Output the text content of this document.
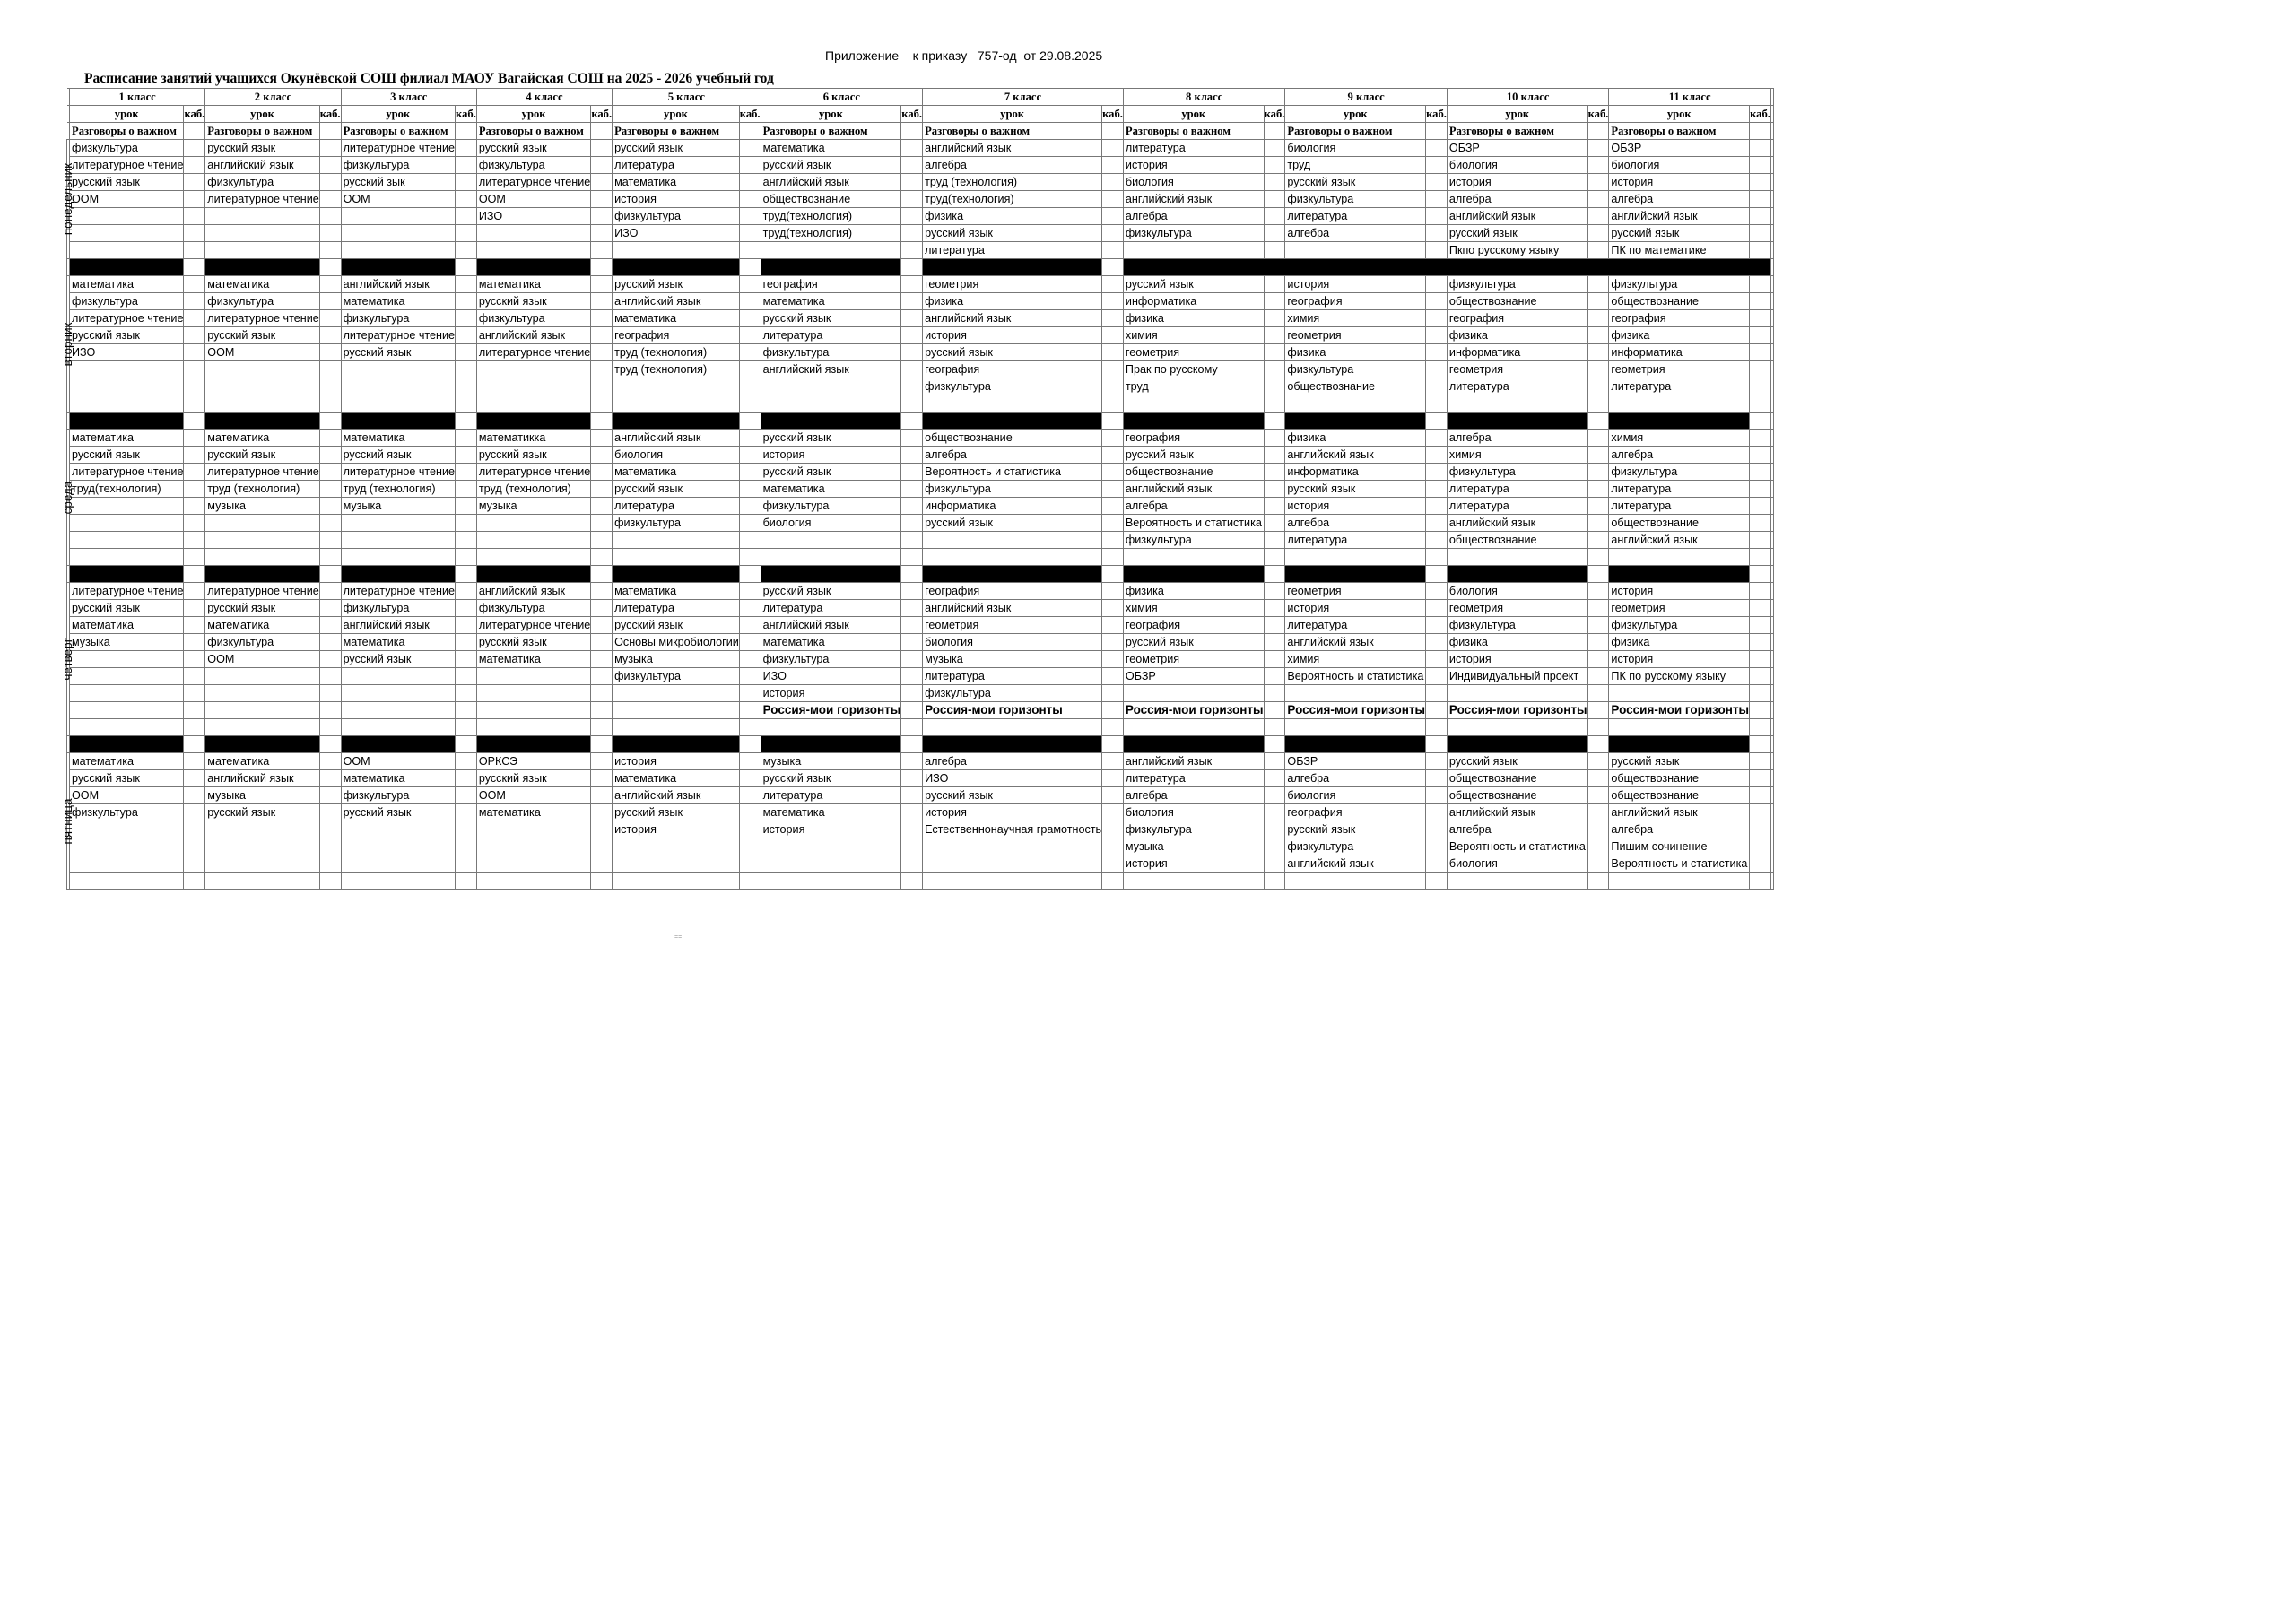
Приложение    к приказу   757-од  от 29.08.2025
Расписание занятий учащихся Окунёвской СОШ филиал МАОУ Вагайская СОШ на 2025 - 2026 учебный год
	1 класс		2 класс		3 класс		4 класс		5 класс		6 класс		7 класс		8 класс		9 класс		10 класс		11 класс		
	урок	каб.	урок	каб.	урок	каб.	урок	каб.	урок	каб.	урок	каб.	урок	каб.	урок	каб.	урок	каб.	урок	каб.	урок	каб.	
	Разговоры о важном		Разговоры о важном		Разговоры о важном		Разговоры о важном		Разговоры о важном		Разговоры о важном		Разговоры о важном		Разговоры о важном		Разговоры о важном		Разговоры о важном		Разговоры о важном		

понедельник	физкультура		русский язык		литературное чтение		русский язык		русский язык		математика		английский язык		литература		биология		ОБЗР		ОБЗР		
	литературное чтение		английский язык		физкультура		физкультура		литература		русский язык		алгебра		история		труд		биология		биология		
	русский язык		физкультура		русский зык		литературное чтение		математика		английский язык		труд (технология)		биология		русский язык		история		история		
	ООМ		литературное чтение		ООМ		ООМ		история		обществознание		труд(технология)		английский язык		физкультура		алгебра		алгебра		
							ИЗО		физкультура		труд(технология)		физика		алгебра		литература		английский язык		английский язык		
									ИЗО		труд(технология)		русский язык		физкультура		алгебра		русский язык		русский язык		
													литература						Пкпо русскому языку		ПК по математике		

вторник	математика		математика		английский язык		математика		русский язык		география		геометрия		русский язык		история		физкультура		физкультура		
	физкультура		физкультура		математика		русский язык		английский язык		математика		физика		информатика		география		обществознание		обществознание		
	литературное чтение		литературное чтение		физкультура		физкультура		математика		русский язык		английский язык		физика		химия		география		география		
	русский язык		русский язык		литературное чтение		английский язык		география		литература		история		химия		геометрия		физика		физика		
	ИЗО		ООМ		русский язык		литературное чтение		труд (технология)		физкультура		русский язык		геометрия		физика		информатика		информатика		
									труд (технология)		английский язык		география		Прак по русскому		физкультура		геометрия		геометрия		
													физкультура		труд		обществознание		литература		литература		

среда	математика		математика		математика		математикка		английский язык		русский язык		обществознание		география		физика		алгебра		химия		
	русский язык		русский язык		русский язык		русский язык		биология		история		алгебра		русский язык		английский язык		химия		алгебра		
	литературное чтение		литературное чтение		литературное чтение		литературное чтение		математика		русский язык		Вероятность и статистика		обществознание		информатика		физкультура		физкультура		
	труд(технология)		труд (технология)		труд (технология)		труд (технология)		русский язык		математика		физкультура		английский язык		русский язык		литература		литература		
			музыка		музыка		музыка		литература		физкультура		информатика		алгебра		история		литература		литература		
									физкультура		биология		русский язык		Вероятность и статистика		алгебра		английский язык		обществознание		
															физкультура		литература		обществознание		английский язык		

четверг	литературное чтение		литературное чтение		литературное чтение		английский язык		математика		русский язык		география		физика		геометрия		биология		история		
	русский язык		русский язык		физкультура		физкультура		литература		литература		английский язык		химия		история		геометрия		геометрия		
	математика		математика		английский язык		литературное чтение		русский язык		английский язык		геометрия		география		литература		физкультура		физкультура		
	музыка		физкультура		математика		русский язык		Основы микробиологии		математика		биология		русский язык		английский язык		физика		физика		
			ООМ		русский язык		математика		музыка		физкультура		музыка		геометрия		химия		история		история		
									физкультура		ИЗО		литература		ОБЗР		Вероятность и статистика		Индивидуальный проект		ПК по русскому языку		
											история		физкультура										
											Россия-мои горизонты		Россия-мои горизонты		Россия-мои горизонты		Россия-мои горизонты		Россия-мои горизонты		Россия-мои горизонты		

пятница	математика		математика		ООМ		ОРКСЭ		история		музыка		алгебра		английский язык		ОБЗР		русский язык		русский язык		
	русский язык		английский язык		математика		русский язык		математика		русский язык		ИЗО		литература		алгебра		обществознание		обществознание		
	ООМ		музыка		физкультура		ООМ		английский язык		литература		русский язык		алгебра		биология		обществознание		обществознание		
	физкультура		русский язык		русский язык		математика		русский язык		математика		история		биология		география		английский язык		английский язык		
									история		история		Естественнонаучная грамотность		физкультура		русский язык		алгебра		алгебра		
															музыка		физкультура		Вероятность и статистика		Пишим сочинение		
															история		английский язык		биология		Вероятность и статистика		

==
